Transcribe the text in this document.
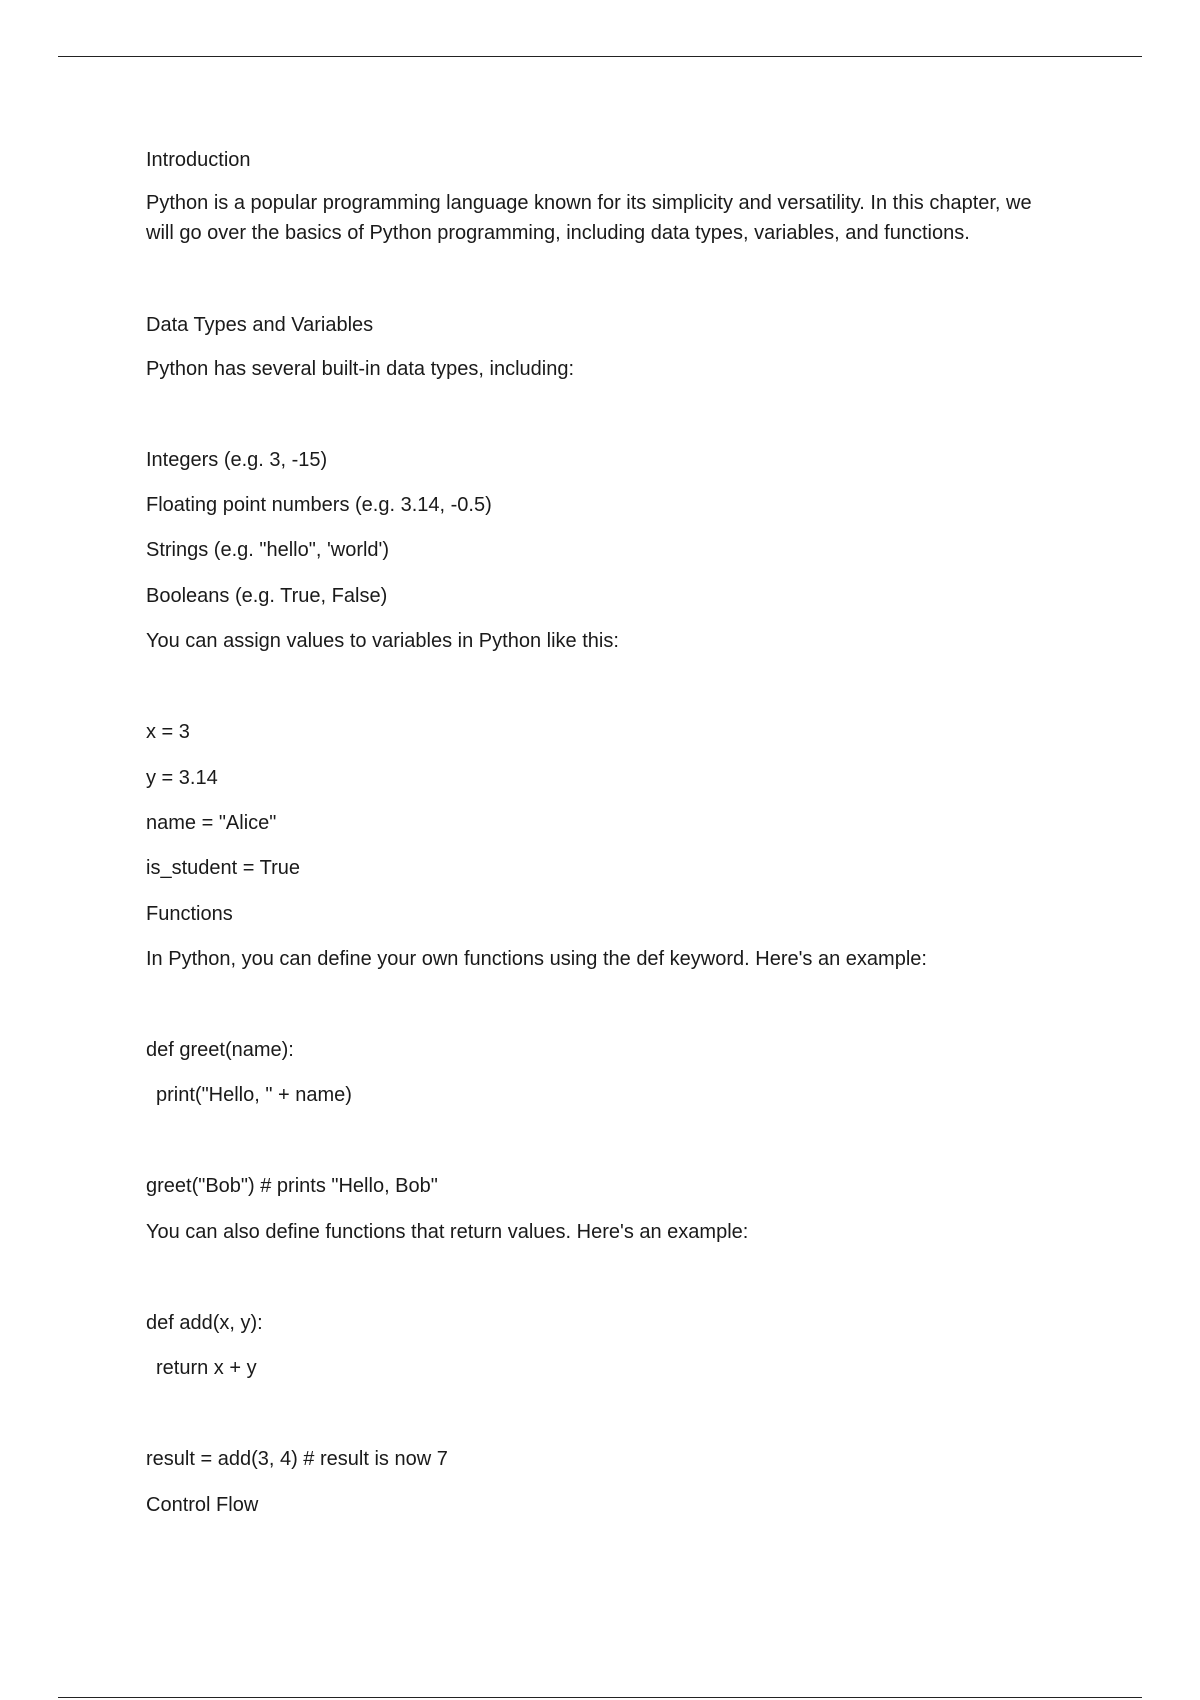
Introduction
Python is a popular programming language known for its simplicity and versatility. In this chapter, we will go over the basics of Python programming, including data types, variables, and functions.
Data Types and Variables
Python has several built-in data types, including:
Integers (e.g. 3, -15)
Floating point numbers (e.g. 3.14, -0.5)
Strings (e.g. "hello", 'world')
Booleans (e.g. True, False)
You can assign values to variables in Python like this:
x = 3
y = 3.14
name = "Alice"
is_student = True
Functions
In Python, you can define your own functions using the def keyword. Here's an example:
def greet(name):
print("Hello, " + name)
greet("Bob") # prints "Hello, Bob"
You can also define functions that return values. Here's an example:
def add(x, y):
return x + y
result = add(3, 4) # result is now 7
Control Flow
